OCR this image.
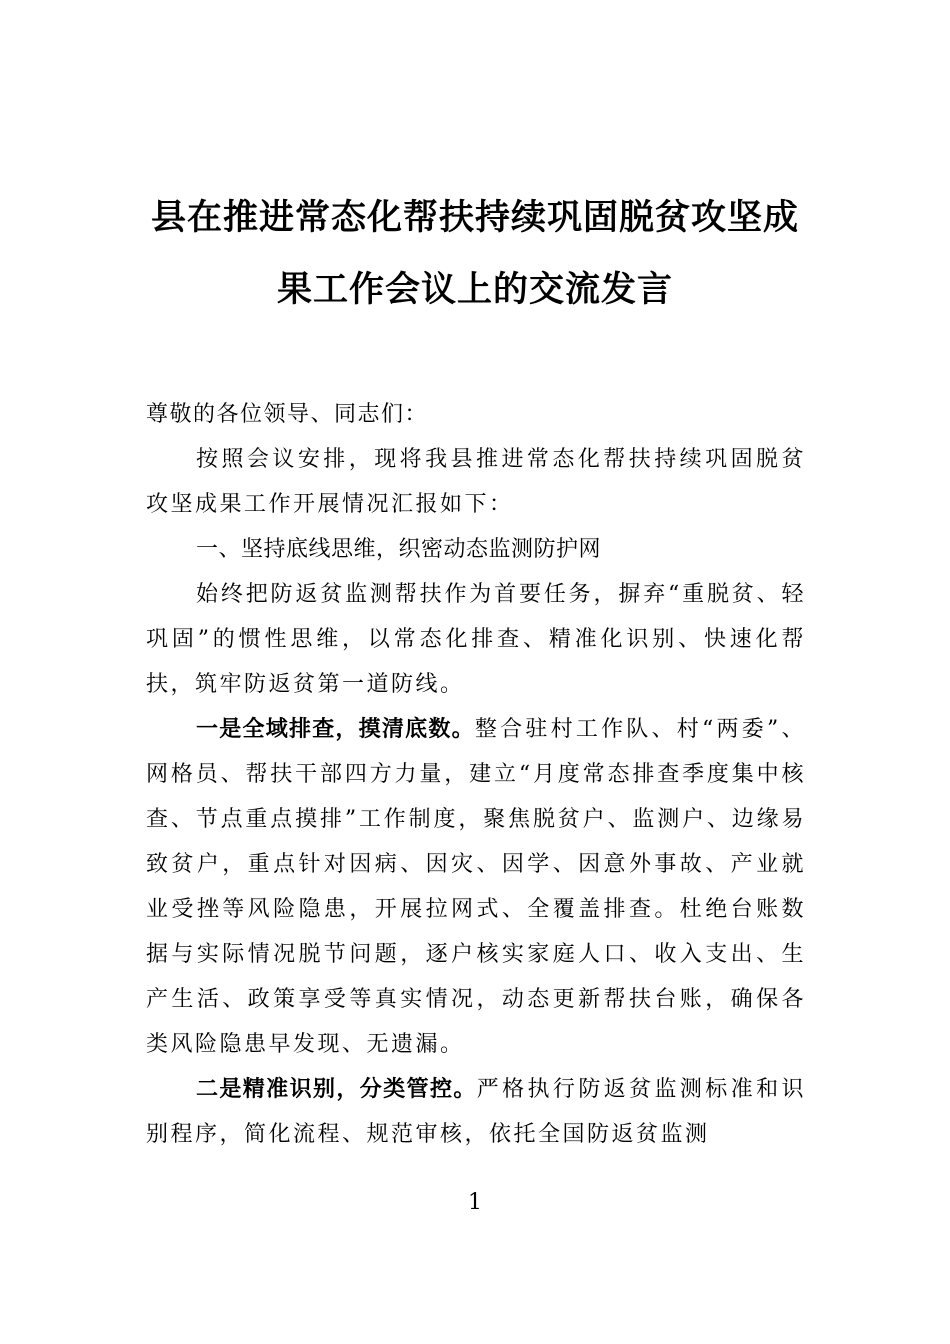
县在推进常态化帮扶持续巩固脱贫攻坚成
果工作会议上的交流发言

尊敬的各位领导、同志们：

按照会议安排，现将我县推进常态化帮扶持续巩固脱贫攻坚成果工作开展情况汇报如下：

一、坚持底线思维，织密动态监测防护网

始终把防返贫监测帮扶作为首要任务，摒弃“重脱贫、轻巩固”的惯性思维，以常态化排查、精准化识别、快速化帮扶，筑牢防返贫第一道防线。

一是全域排查，摸清底数。整合驻村工作队、村“两委”、网格员、帮扶干部四方力量，建立“月度常态排查季度集中核查、节点重点摸排”工作制度，聚焦脱贫户、监测户、边缘易致贫户，重点针对因病、因灾、因学、因意外事故、产业就业受挫等风险隐患，开展拉网式、全覆盖排查。杜绝台账数据与实际情况脱节问题，逐户核实家庭人口、收入支出、生产生活、政策享受等真实情况，动态更新帮扶台账，确保各类风险隐患早发现、无遗漏。

二是精准识别，分类管控。严格执行防返贫监测标准和识别程序，简化流程、规范审核，依托全国防返贫监测

1
